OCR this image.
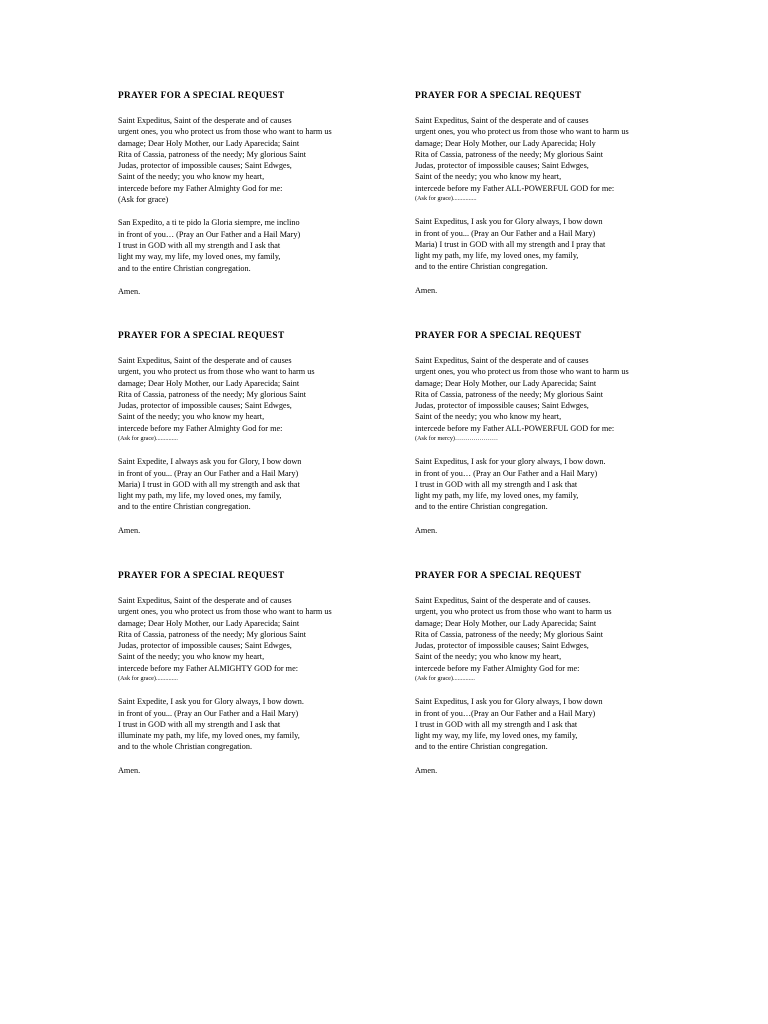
PRAYER FOR A SPECIAL REQUEST
Saint Expeditus, Saint of the desperate and of causes
urgent ones, you who protect us from those who want to harm us
damage; Dear Holy Mother, our Lady Aparecida; Saint
Rita of Cassia, patroness of the needy; My glorious Saint
Judas, protector of impossible causes; Saint Edwges,
Saint of the needy; you who know my heart,
intercede before my Father Almighty God for me:
(Ask for grace)
San Expedito, a ti te pido la Gloria siempre, me inclino
in front of you… (Pray an Our Father and a Hail Mary)
I trust in GOD with all my strength and I ask that
light my way, my life, my loved ones, my family,
and to the entire Christian congregation.
Amen.
PRAYER FOR A SPECIAL REQUEST
Saint Expeditus, Saint of the desperate and of causes
urgent ones, you who protect us from those who want to harm us
damage; Dear Holy Mother, our Lady Aparecida; Holy
Rita of Cassia, patroness of the needy; My glorious Saint
Judas, protector of impossible causes; Saint Edwges,
Saint of the needy; you who know my heart,
intercede before my Father ALL-POWERFUL GOD for me:
(Ask for grace)...............
Saint Expeditus, I ask you for Glory always, I bow down
in front of you... (Pray an Our Father and a Hail Mary)
Maria) I trust in GOD with all my strength and I pray that
light my path, my life, my loved ones, my family,
and to the entire Christian congregation.
Amen.
PRAYER FOR A SPECIAL REQUEST
Saint Expeditus, Saint of the desperate and of causes
urgent, you who protect us from those who want to harm us
damage; Dear Holy Mother, our Lady Aparecida; Saint
Rita of Cassia, patroness of the needy; My glorious Saint
Judas, protector of impossible causes; Saint Edwges,
Saint of the needy; you who know my heart,
intercede before my Father Almighty God for me:
(Ask for grace)..............
Saint Expedite, I always ask you for Glory, I bow down
in front of you... (Pray an Our Father and a Hail Mary)
Maria) I trust in GOD with all my strength and ask that
light my path, my life, my loved ones, my family,
and to the entire Christian congregation.
Amen.
PRAYER FOR A SPECIAL REQUEST
Saint Expeditus, Saint of the desperate and of causes
urgent ones, you who protect us from those who want to harm us
damage; Dear Holy Mother, our Lady Aparecida; Saint
Rita of Cassia, patroness of the needy; My glorious Saint
Judas, protector of impossible causes; Saint Edwges,
Saint of the needy; you who know my heart,
intercede before my Father ALL-POWERFUL GOD for me:
(Ask for mercy)…………………
Saint Expeditus, I ask for your glory always, I bow down.
in front of you… (Pray an Our Father and a Hail Mary)
I trust in GOD with all my strength and I ask that
light my path, my life, my loved ones, my family,
and to the entire Christian congregation.
Amen.
PRAYER FOR A SPECIAL REQUEST
Saint Expeditus, Saint of the desperate and of causes
urgent ones, you who protect us from those who want to harm us
damage; Dear Holy Mother, our Lady Aparecida; Saint
Rita of Cassia, patroness of the needy; My glorious Saint
Judas, protector of impossible causes; Saint Edwges,
Saint of the needy; you who know my heart,
intercede before my Father ALMIGHTY GOD for me:
(Ask for grace)..............
Saint Expedite, I ask you for Glory always, I bow down.
in front of you... (Pray an Our Father and a Hail Mary)
I trust in GOD with all my strength and I ask that
illuminate my path, my life, my loved ones, my family,
and to the whole Christian congregation.
Amen.
PRAYER FOR A SPECIAL REQUEST
Saint Expeditus, Saint of the desperate and of causes.
urgent, you who protect us from those who want to harm us
damage; Dear Holy Mother, our Lady Aparecida; Saint
Rita of Cassia, patroness of the needy; My glorious Saint
Judas, protector of impossible causes; Saint Edwges,
Saint of the needy; you who know my heart,
intercede before my Father Almighty God for me:
(Ask for grace)..............
Saint Expeditus, I ask you for Glory always, I bow down
in front of you…(Pray an Our Father and a Hail Mary)
I trust in GOD with all my strength and I ask that
light my way, my life, my loved ones, my family,
and to the entire Christian congregation.
Amen.
